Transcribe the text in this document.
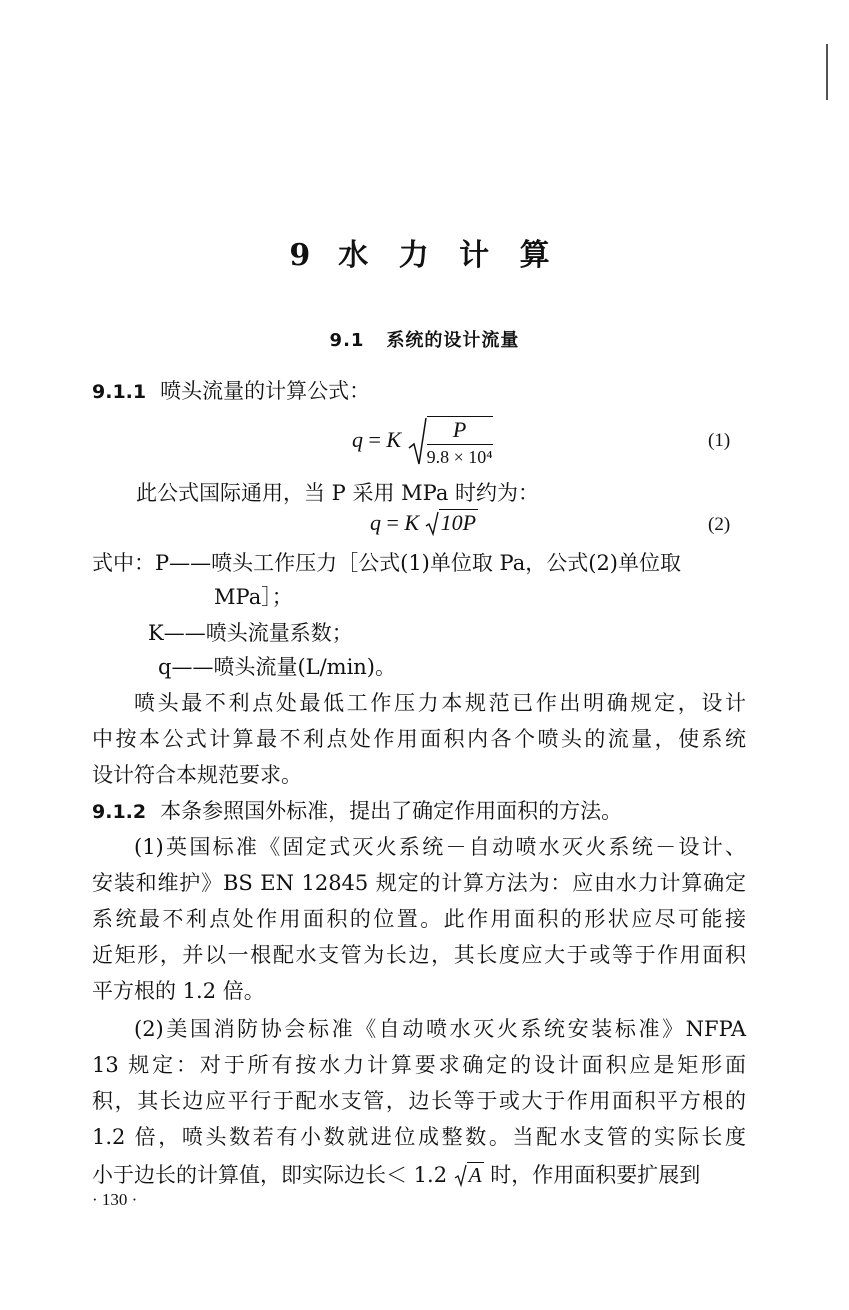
9 水 力 计 算
9.1 系统的设计流量
9.1.1 喷头流量的计算公式：
q = K $\frac{P}{\text{9.8 × 10⁴}}$	(1)
此公式国际通用，当 P 采用 MPa 时约为：
q = K 10P	(2)
式中：P——喷头工作压力［公式(1)单位取 Pa，公式(2)单位取
MPa］；
K——喷头流量系数；
q——喷头流量(L/min)。
喷头最不利点处最低工作压力本规范已作出明确规定，设计
中按本公式计算最不利点处作用面积内各个喷头的流量，使系统
设计符合本规范要求。
9.1.2 本条参照国外标准，提出了确定作用面积的方法。
(1)英国标准《固定式灭火系统－自动喷水灭火系统－设计、
安装和维护》BS EN 12845 规定的计算方法为：应由水力计算确定
系统最不利点处作用面积的位置。此作用面积的形状应尽可能接
近矩形，并以一根配水支管为长边，其长度应大于或等于作用面积
平方根的 1.2 倍。
(2)美国消防协会标准《自动喷水灭火系统安装标准》NFPA
13 规定：对于所有按水力计算要求确定的设计面积应是矩形面
积，其长边应平行于配水支管，边长等于或大于作用面积平方根的
1.2 倍，喷头数若有小数就进位成整数。当配水支管的实际长度
小于边长的计算值，即实际边长＜ 1.2 A 时，作用面积要扩展到
· 130 ·
